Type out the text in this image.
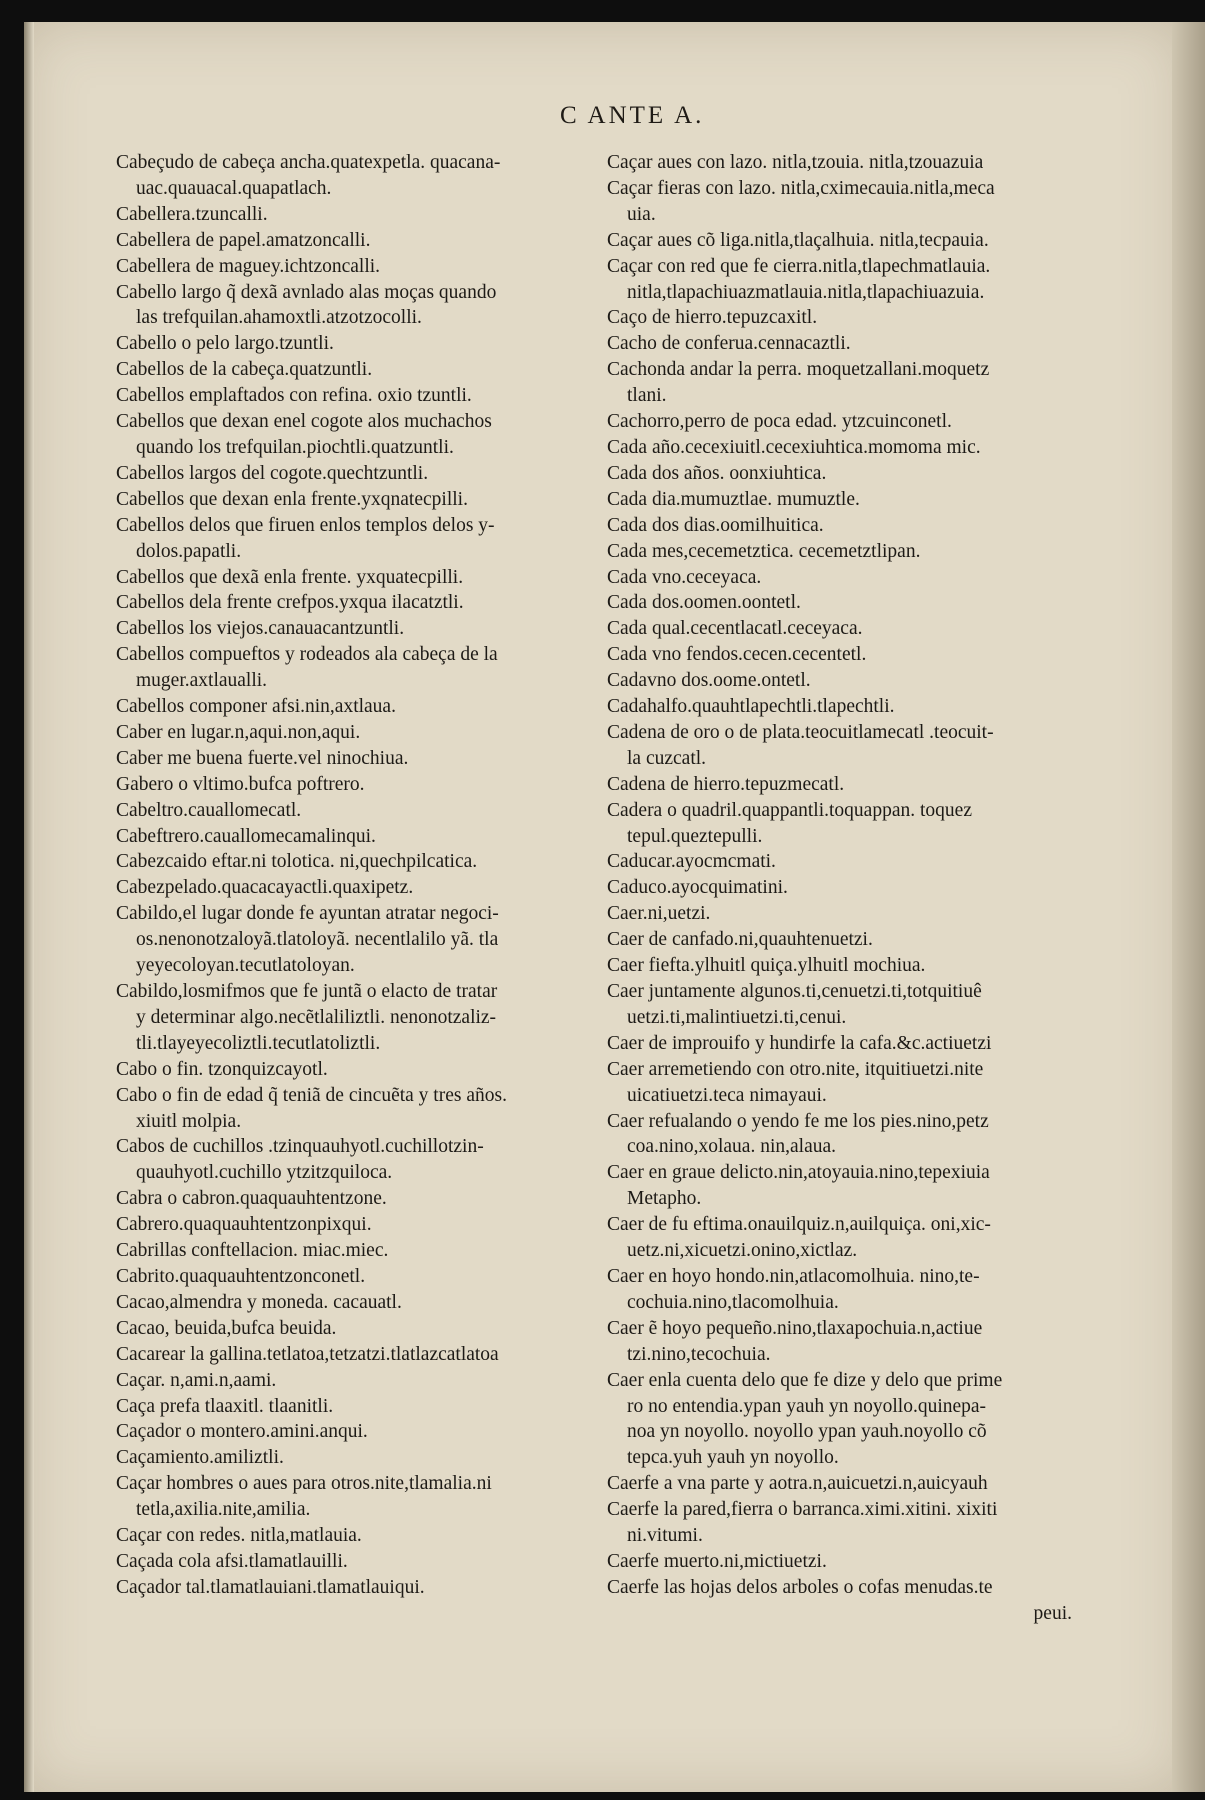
C ANTE A.
Cabeçudo de cabeça ancha.quatexpetla. quacana-
uac.quauacal.quapatlach.
Cabellera.tzuncalli.
Cabellera de papel.amatzoncalli.
Cabellera de maguey.ichtzoncalli.
Cabello largo q̃ dexã avnlado alas moças quando
las trefquilan.ahamoxtli.atzotzocolli.
Cabello o pelo largo.tzuntli.
Cabellos de la cabeça.quatzuntli.
Cabellos emplaftados con refina. oxio tzuntli.
Cabellos que dexan enel cogote alos muchachos
quando los trefquilan.piochtli.quatzuntli.
Cabellos largos del cogote.quechtzuntli.
Cabellos que dexan enla frente.yxqnatecpilli.
Cabellos delos que firuen enlos templos delos y-
dolos.papatli.
Cabellos que dexã enla frente. yxquatecpilli.
Cabellos dela frente crefpos.yxqua ilacatztli.
Cabellos los viejos.canauacantzuntli.
Cabellos compueftos y rodeados ala cabeça de la
muger.axtlaualli.
Cabellos componer afsi.nin,axtlaua.
Caber en lugar.n,aqui.non,aqui.
Caber me buena fuerte.vel ninochiua.
Gabero o vltimo.bufca poftrero.
Cabeltro.cauallomecatl.
Cabeftrero.cauallomecamalinqui.
Cabezcaido eftar.ni tolotica. ni,quechpilcatica.
Cabezpelado.quacacayactli.quaxipetz.
Cabildo,el lugar donde fe ayuntan atratar negoci-
os.nenonotzaloyã.tlatoloyã. necentlalilo yã. tla
yeyecoloyan.tecutlatoloyan.
Cabildo,losmifmos que fe juntã o elacto de tratar
y determinar algo.necẽtlaliliztli. nenonotzaliz-
tli.tlayeyecoliztli.tecutlatoliztli.
Cabo o fin. tzonquizcayotl.
Cabo o fin de edad q̃ teniã de cincuẽta y tres años.
xiuitl molpia.
Cabos de cuchillos .tzinquauhyotl.cuchillotzin-
quauhyotl.cuchillo ytzitzquiloca.
Cabra o cabron.quaquauhtentzone.
Cabrero.quaquauhtentzonpixqui.
Cabrillas conftellacion. miac.miec.
Cabrito.quaquauhtentzonconetl.
Cacao,almendra y moneda. cacauatl.
Cacao, beuida,bufca beuida.
Cacarear la gallina.tetlatoa,tetzatzi.tlatlazcatlatoa
Caçar. n,ami.n,aami.
Caça prefa tlaaxitl. tlaanitli.
Caçador o montero.amini.anqui.
Caçamiento.amiliztli.
Caçar hombres o aues para otros.nite,tlamalia.ni
tetla,axilia.nite,amilia.
Caçar con redes. nitla,matlauia.
Caçada cola afsi.tlamatlauilli.
Caçador tal.tlamatlauiani.tlamatlauiqui.
Caçar aues con lazo. nitla,tzouia. nitla,tzouazuia
Caçar fieras con lazo. nitla,cximecauia.nitla,meca
uia.
Caçar aues cõ liga.nitla,tlaçalhuia. nitla,tecpauia.
Caçar con red que fe cierra.nitla,tlapechmatlauia.
nitla,tlapachiuazmatlauia.nitla,tlapachiuazuia.
Caço de hierro.tepuzcaxitl.
Cacho de conferua.cennacaztli.
Cachonda andar la perra. moquetzallani.moquetz
tlani.
Cachorro,perro de poca edad. ytzcuinconetl.
Cada año.cecexiuitl.cecexiuhtica.momoma mic.
Cada dos años. oonxiuhtica.
Cada dia.mumuztlae. mumuztle.
Cada dos dias.oomilhuitica.
Cada mes,cecemetztica. cecemetztlipan.
Cada vno.ceceyaca.
Cada dos.oomen.oontetl.
Cada qual.cecentlacatl.ceceyaca.
Cada vno fendos.cecen.cecentetl.
Cadavno dos.oome.ontetl.
Cadahalfo.quauhtlapechtli.tlapechtli.
Cadena de oro o de plata.teocuitlamecatl .teocuit-
la cuzcatl.
Cadena de hierro.tepuzmecatl.
Cadera o quadril.quappantli.toquappan. toquez
tepul.queztepulli.
Caducar.ayocmcmati.
Caduco.ayocquimatini.
Caer.ni,uetzi.
Caer de canfado.ni,quauhtenuetzi.
Caer fiefta.ylhuitl quiça.ylhuitl mochiua.
Caer juntamente algunos.ti,cenuetzi.ti,totquitiuê
uetzi.ti,malintiuetzi.ti,cenui.
Caer de improuifo y hundirfe la cafa.&c.actiuetzi
Caer arremetiendo con otro.nite, itquitiuetzi.nite
uicatiuetzi.teca nimayaui.
Caer refualando o yendo fe me los pies.nino,petz
coa.nino,xolaua. nin,alaua.
Caer en graue delicto.nin,atoyauia.nino,tepexiuia
Metapho.
Caer de fu eftima.onauilquiz.n,auilquiça. oni,xic-
uetz.ni,xicuetzi.onino,xictlaz.
Caer en hoyo hondo.nin,atlacomolhuia. nino,te-
cochuia.nino,tlacomolhuia.
Caer ẽ hoyo pequeño.nino,tlaxapochuia.n,actiue
tzi.nino,tecochuia.
Caer enla cuenta delo que fe dize y delo que prime
ro no entendia.ypan yauh yn noyollo.quinepa-
noa yn noyollo. noyollo ypan yauh.noyollo cõ
tepca.yuh yauh yn noyollo.
Caerfe a vna parte y aotra.n,auicuetzi.n,auicyauh
Caerfe la pared,fierra o barranca.ximi.xitini. xixiti
ni.vitumi.
Caerfe muerto.ni,mictiuetzi.
Caerfe las hojas delos arboles o cofas menudas.te
peui.
